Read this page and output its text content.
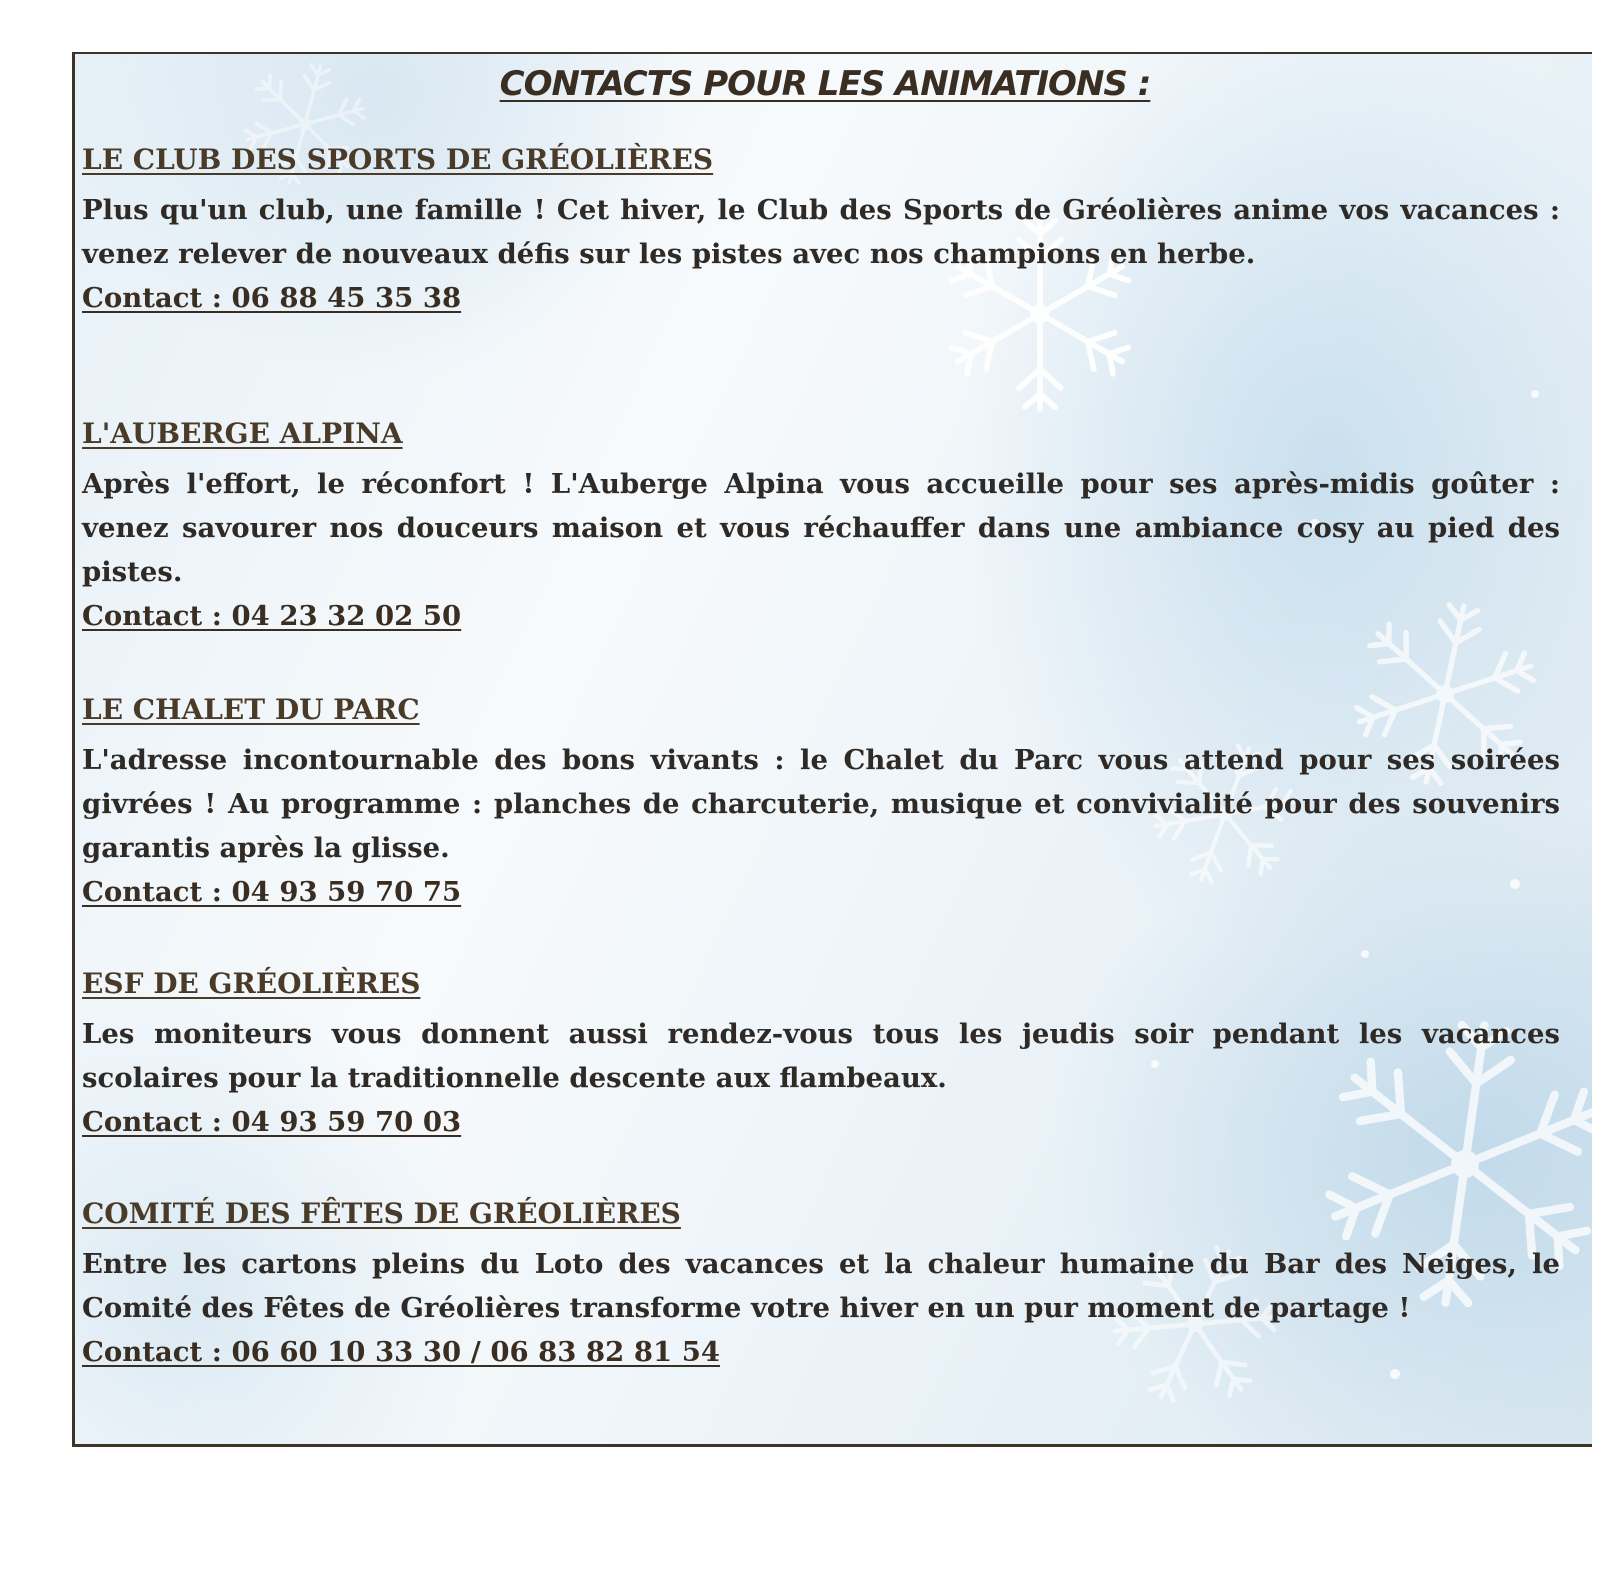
CONTACTS POUR LES ANIMATIONS :
LE CLUB DES SPORTS DE GRÉOLIÈRES

Plus qu'un club, une famille ! Cet hiver, le Club des Sports de Gréolières anime vos vacances : venez relever de nouveaux défis sur les pistes avec nos champions en herbe.

Contact : 06 88 45 35 38
L'AUBERGE ALPINA

Après l'effort, le réconfort ! L'Auberge Alpina vous accueille pour ses après-midis goûter : venez savourer nos douceurs maison et vous réchauffer dans une ambiance cosy au pied des pistes.

Contact : 04 23 32 02 50
LE CHALET DU PARC

L'adresse incontournable des bons vivants : le Chalet du Parc vous attend pour ses soirées givrées ! Au programme : planches de charcuterie, musique et convivialité pour des souvenirs garantis après la glisse.

Contact : 04 93 59 70 75
ESF DE GRÉOLIÈRES

Les moniteurs vous donnent aussi rendez-vous tous les jeudis soir pendant les vacances scolaires pour la traditionnelle descente aux flambeaux.

Contact : 04 93 59 70 03
COMITÉ DES FÊTES DE GRÉOLIÈRES

Entre les cartons pleins du Loto des vacances et la chaleur humaine du Bar des Neiges, le Comité des Fêtes de Gréolières transforme votre hiver en un pur moment de partage !

Contact : 06 60 10 33 30 / 06 83 82 81 54
